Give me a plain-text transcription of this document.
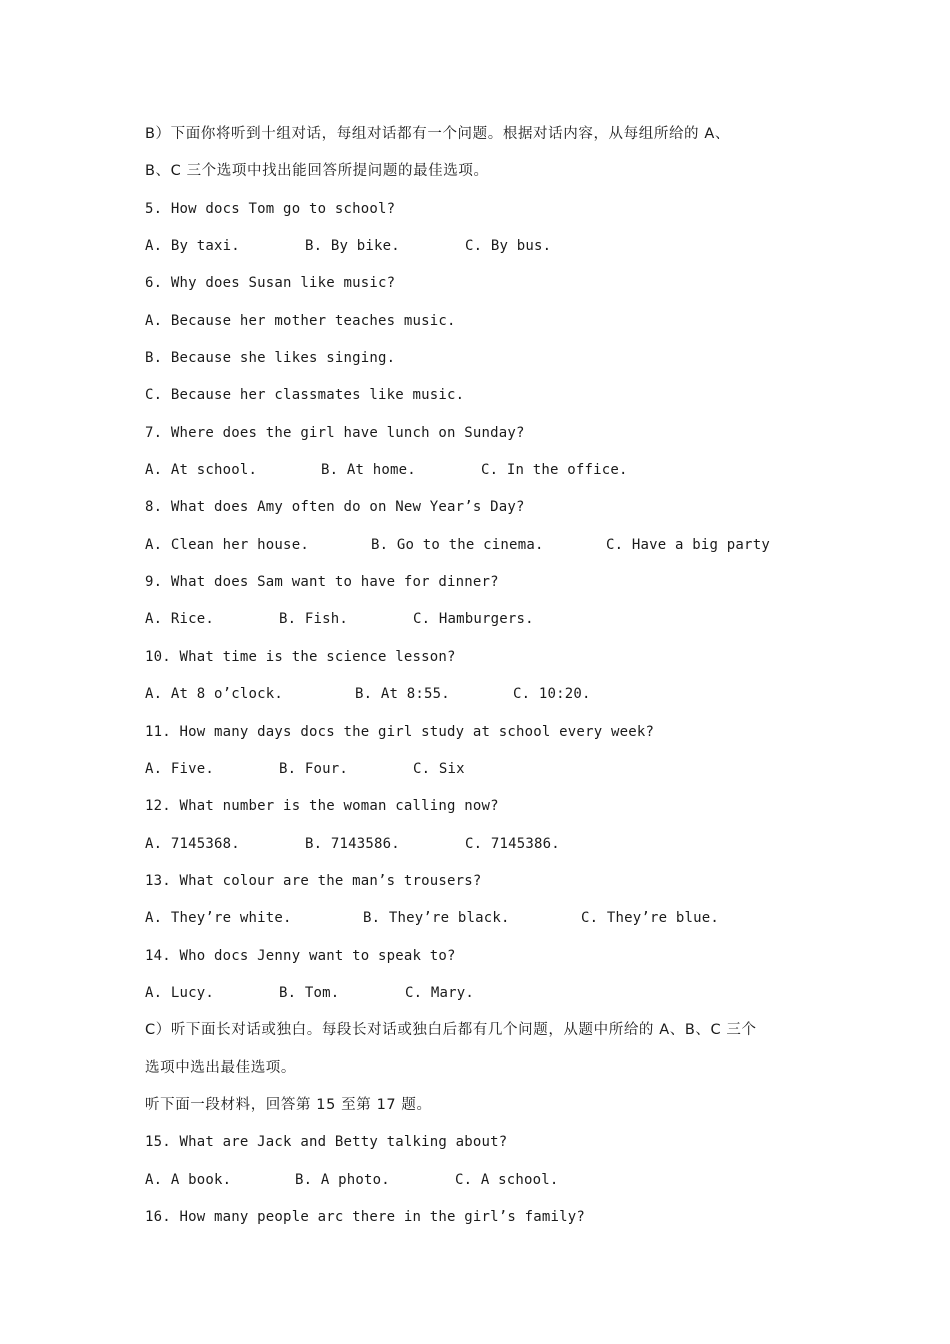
B）下面你将听到十组对话，每组对话都有一个问题。根据对话内容，从每组所给的 A、
B、C 三个选项中找出能回答所提问题的最佳选项。
5. How docs Tom go to school?
A. By taxi.	B. By bike.	C. By bus.
6. Why does Susan like music?
A. Because her mother teaches music.
B. Because she likes singing.
C. Because her classmates like music.
7. Where does the girl have lunch on Sunday?
A. At school.	B. At home.	C. In the office.
8. What does Amy often do on New Year’s Day?
A. Clean her house.	B. Go to the cinema.	C. Have a big party
9. What does Sam want to have for dinner?
A. Rice.	B. Fish.	C. Hamburgers.
10. What time is the science lesson?
A. At 8 o’clock.	B. At 8:55.	C. 10:20.
11. How many days docs the girl study at school every week?
A. Five.	B. Four.	C. Six
12. What number is the woman calling now?
A. 7145368.	B. 7143586.	C. 7145386.
13. What colour are the man’s trousers?
A. They’re white.	B. They’re black.	C. They’re blue.
14. Who docs Jenny want to speak to?
A. Lucy.	B. Tom.	C. Mary.
C）听下面长对话或独白。每段长对话或独白后都有几个问题，从题中所给的 A、B、C 三个
选项中选出最佳选项。
听下面一段材料，回答第 15 至第 17 题。
15. What are Jack and Betty talking about?
A. A book.	B. A photo.	C. A school.
16. How many people arc there in the girl’s family?
